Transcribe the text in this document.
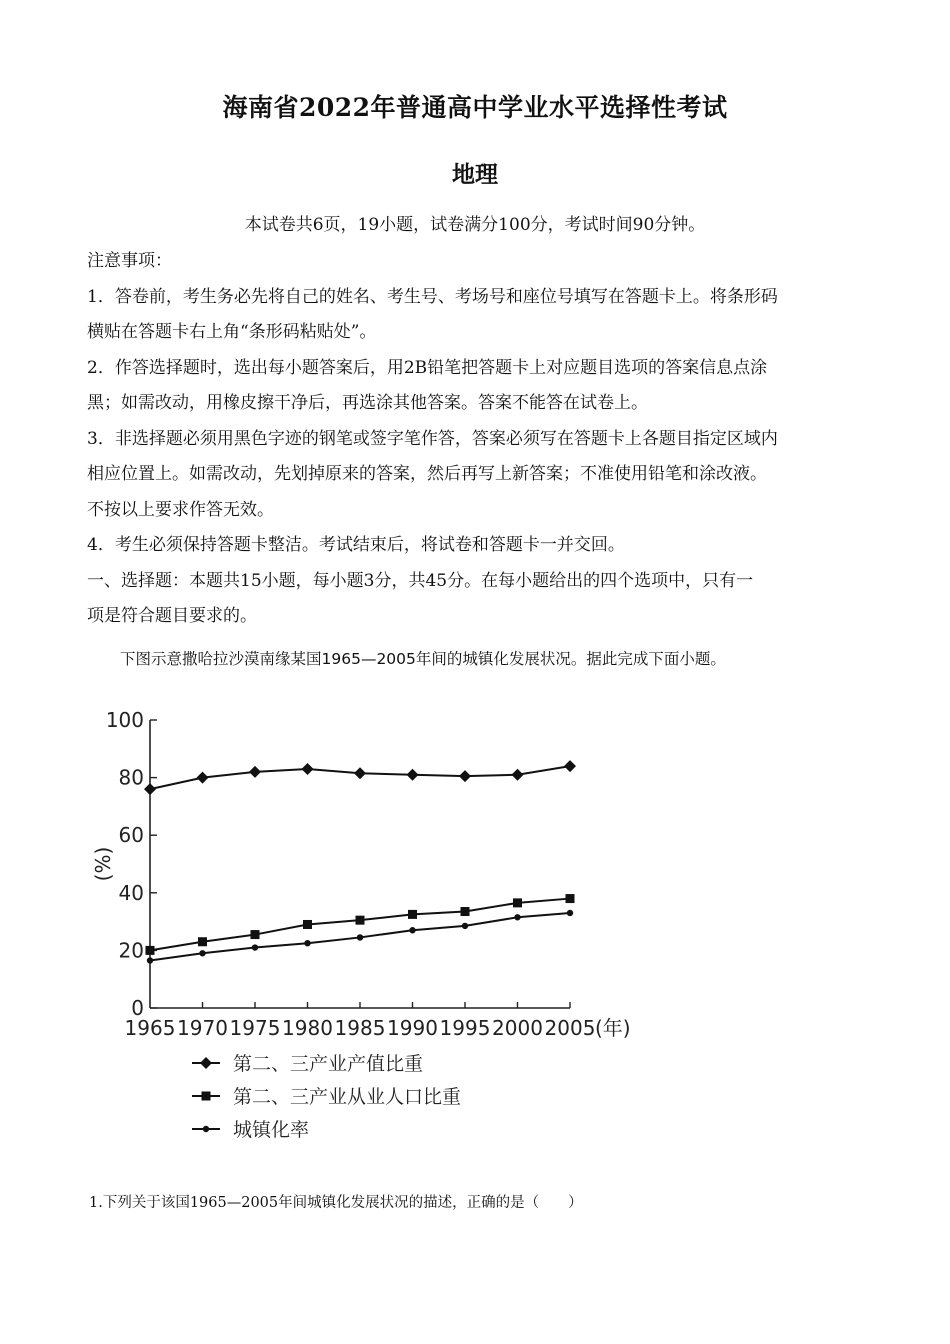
海南省2022年普通高中学业水平选择性考试
地理
本试卷共6页，19小题，试卷满分100分，考试时间90分钟。

注意事项：

1．答卷前，考生务必先将自己的姓名、考生号、考场号和座位号填写在答题卡上。将条形码

横贴在答题卡右上角“条形码粘贴处”。

2．作答选择题时，选出每小题答案后，用2B铅笔把答题卡上对应题目选项的答案信息点涂

黑；如需改动，用橡皮擦干净后，再选涂其他答案。答案不能答在试卷上。

3．非选择题必须用黑色字迹的钢笔或签字笔作答，答案必须写在答题卡上各题目指定区域内

相应位置上。如需改动，先划掉原来的答案，然后再写上新答案；不准使用铅笔和涂改液。

不按以上要求作答无效。

4．考生必须保持答题卡整洁。考试结束后，将试卷和答题卡一并交回。

一、选择题：本题共15小题，每小题3分，共45分。在每小题给出的四个选项中，只有一

项是符合题目要求的。

下图示意撒哈拉沙漠南缘某国1965—2005年间的城镇化发展状况。据此完成下面小题。
0
20
40
60
80
100
(%)
1965 1970 1975 1980 1985 1990 1995 2000 2005 (年)
第二、三产业产值比重
第二、三产业从业人口比重
城镇化率
1.下列关于该国1965—2005年间城镇化发展状况的描述，正确的是（　　）
